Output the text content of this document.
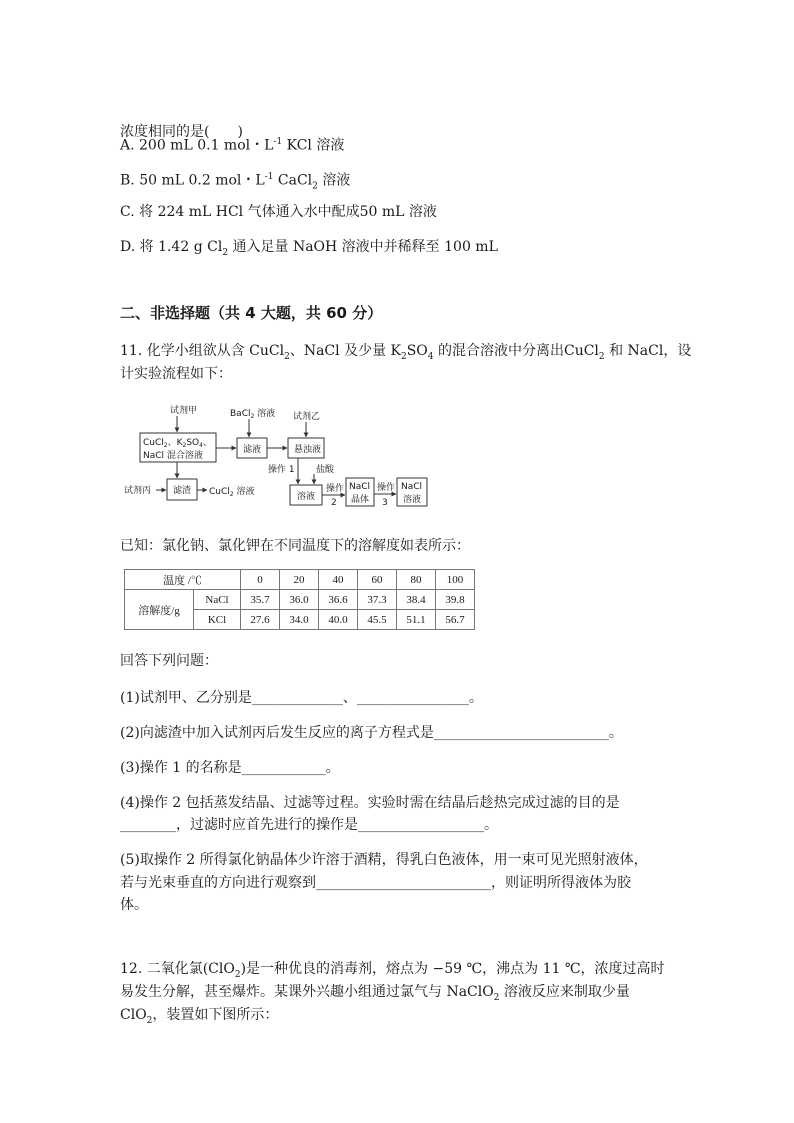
浓度相同的是(　　)
A. 200 mL 0.1 mol・$L^{-1}$ KCl 溶液
B. 50 mL 0.2 mol・$L^{-1}$ CaCl$_2$ 溶液
C. 将 224 mL HCl 气体通入水中配成50 mL 溶液
D. 将 1.42 g $Cl_2$ 通入足量 NaOH 溶液中并稀释至 100 mL
二、非选择题（共 4 大题，共 60 分）
11. 化学小组欲从含 CuCl$_2$、NaCl 及少量 $K_2SO_4$ 的混合溶液中分离出CuCl$_2$ 和 NaCl，设
计实验流程如下：
试剂甲	BaCl$_2$ 溶液 试剂乙
CuCl$_2$、$K_2SO_4$、
NaCl 混合溶液
滤液	悬浊液
操作 1 盐酸
溶液
操作
2
NaCl
晶体
操作
3
NaCl
溶液
试剂丙 滤渣 CuCl$_2$ 溶液
已知：氯化钠、氯化钾在不同温度下的溶解度如表所示：
温度 /℃		0	20	40	60	80	100
溶解度/g	NaCl	35.7	36.0	36.6	37.3	38.4	39.8
	KCl	27.6	34.0	40.0	45.5	51.1	56.7
回答下列问题：
(1)试剂甲、乙分别是_____________、________________。
(2)向滤渣中加入试剂丙后发生反应的离子方程式是_________________________。
(3)操作 1 的名称是____________。
(4)操作 2 包括蒸发结晶、过滤等过程。实验时需在结晶后趁热完成过滤的目的是
________，过滤时应首先进行的操作是__________________。
(5)取操作 2 所得氯化钠晶体少许溶于酒精，得乳白色液体，用一束可见光照射液体，
若与光束垂直的方向进行观察到_________________________，则证明所得液体为胶
体。
12. 二氧化氯(ClO$_2$)是一种优良的消毒剂，熔点为 −59 ℃，沸点为 11 ℃，浓度过高时
易发生分解，甚至爆炸。某课外兴趣小组通过氯气与 NaClO$_2$ 溶液反应来制取少量
ClO$_2$，装置如下图所示：
